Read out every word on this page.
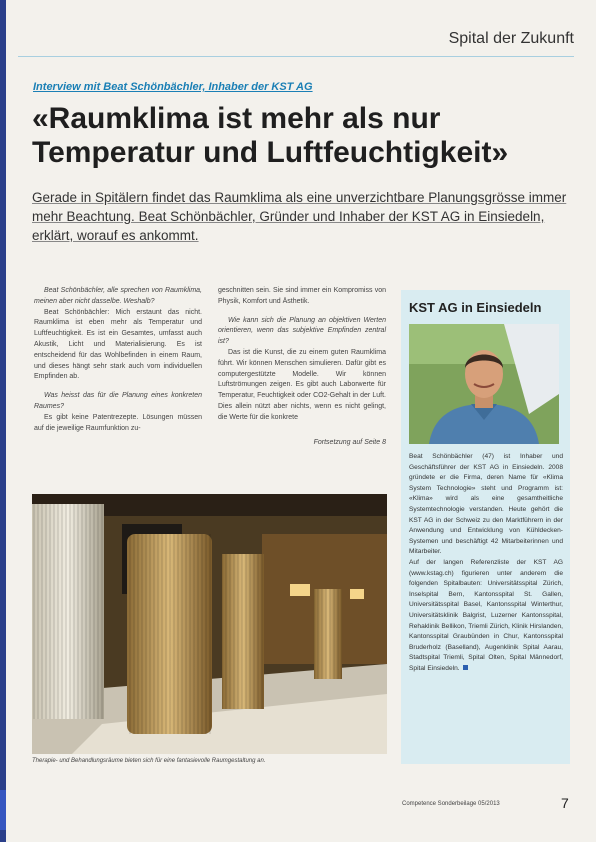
Spital der Zukunft
Interview mit Beat Schönbächler, Inhaber der KST AG
«Raumklima ist mehr als nur Temperatur und Luftfeuchtigkeit»

Gerade in Spitälern findet das Raumklima als eine unverzichtbare Planungsgrösse immer mehr Beachtung. Beat Schönbächler, Gründer und Inhaber der KST AG in Einsiedeln, erklärt, worauf es ankommt.

Beat Schönbächler, alle sprechen von Raumklima, meinen aber nicht dasselbe. Weshalb?

Beat Schönbächler: Mich erstaunt das nicht. Raumklima ist eben mehr als Temperatur und Luftfeuchtigkeit. Es ist ein Gesamtes, umfasst auch Akustik, Licht und Materialisierung. Es ist entscheidend für das Wohlbefinden in einem Raum, und dieses hängt sehr stark auch vom individuellen Empfinden ab.

Was heisst das für die Planung eines konkreten Raumes?

Es gibt keine Patentrezepte. Lösungen müssen auf die jeweilige Raumfunktion zu-

geschnitten sein. Sie sind immer ein Kompromiss von Physik, Komfort und Ästhetik.

Wie kann sich die Planung an objektiven Werten orientieren, wenn das subjektive Empfinden zentral ist?

Das ist die Kunst, die zu einem guten Raumklima führt. Wir können Menschen simulieren. Dafür gibt es computergestützte Modelle. Wir können Luftströmungen zeigen. Es gibt auch Laborwerte für Temperatur, Feuchtigkeit oder CO2-Gehalt in der Luft. Dies allein nützt aber nichts, wenn es nicht gelingt, die Werte für die konkrete

Fortsetzung auf Seite 8

Therapie- und Behandlungsräume bieten sich für eine fantasievolle Raumgestaltung an.
KST AG in Einsiedeln

Beat Schönbächler (47) ist Inhaber und Geschäftsführer der KST AG in Einsiedeln. 2008 gründete er die Firma, deren Name für «Klima System Technologie» steht und Programm ist: «Klima» wird als eine gesamtheitliche Systemtechnologie verstanden. Heute gehört die KST AG in der Schweiz zu den Marktführern in der Anwendung und Entwicklung von Kühldecken-Systemen und beschäftigt 42 Mitarbeiterinnen und Mitarbeiter.

Auf der langen Referenzliste der KST AG (www.kstag.ch) figurieren unter anderem die folgenden Spitalbauten: Universitätsspital Zürich, Inselspital Bern, Kantonsspital St. Gallen, Universitätsspital Basel, Kantonsspital Winterthur, Universitätsklinik Balgrist, Luzerner Kantonsspital, Rehaklinik Bellikon, Triemli Zürich, Klinik Hirslanden, Kantonsspital Graubünden in Chur, Kantonsspital Bruderholz (Baselland), Augenklinik Spital Aarau, Stadtspital Triemli, Spital Olten, Spital Männedorf, Spital Einsiedeln.

Competence Sonderbeilage 05/2013	7
